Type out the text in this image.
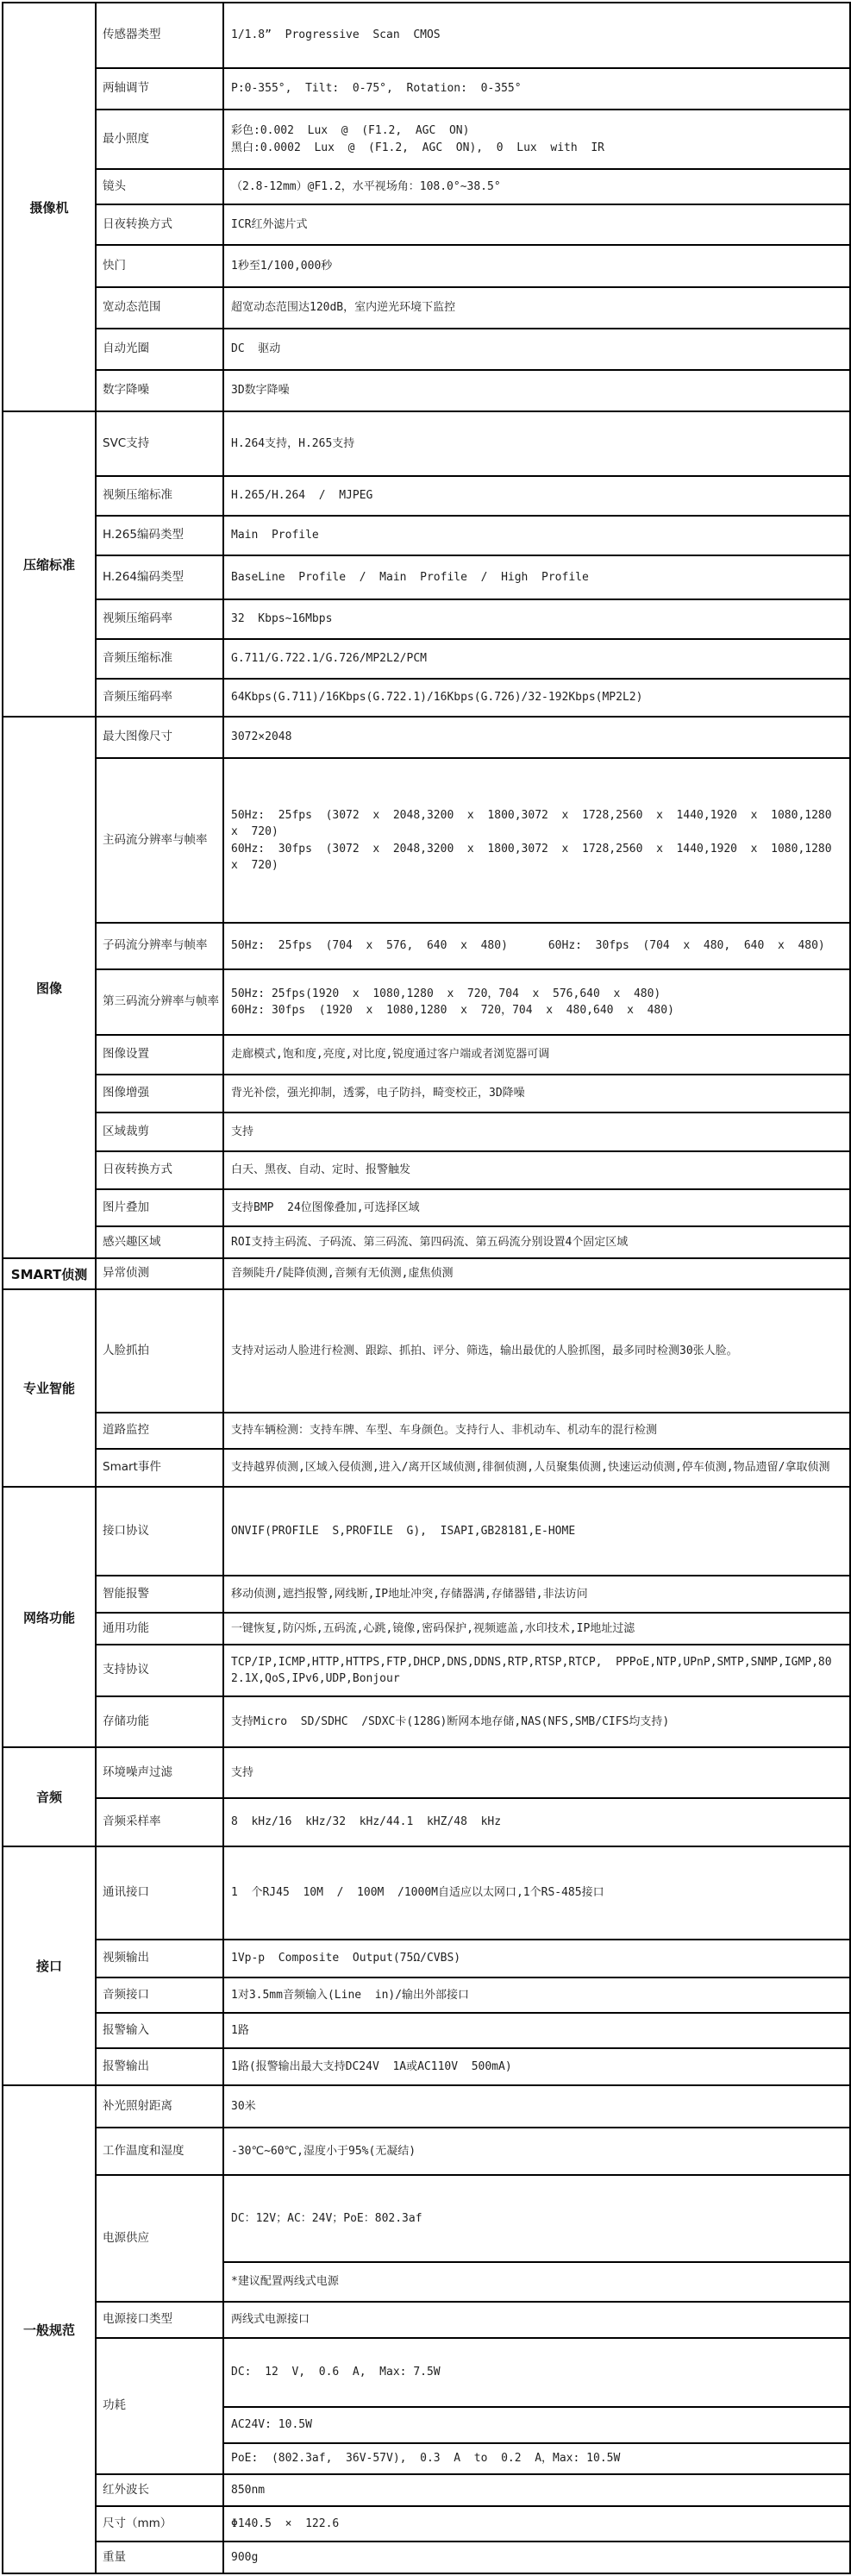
摄像机	传感器类型	1/1.8”  Progressive  Scan  CMOS
	两轴调节	P:0-355°,  Tilt:  0-75°,  Rotation:  0-355°
	最小照度	彩色:0.002  Lux  @  (F1.2,  AGC  ON)
黑白:0.0002  Lux  @  (F1.2,  AGC  ON),  0  Lux  with  IR

	镜头	（2.8-12mm）@F1.2，水平视场角：108.0°~38.5°
	日夜转换方式	ICR红外滤片式
	快门	1秒至1/100,000秒
	宽动态范围	超宽动态范围达120dB，室内逆光环境下监控
	自动光圈	DC  驱动
	数字降噪	3D数字降噪
压缩标准	SVC支持	H.264支持，H.265支持
	视频压缩标准	H.265/H.264  /  MJPEG
	H.265编码类型	Main  Profile
	H.264编码类型	BaseLine  Profile  /  Main  Profile  /  High  Profile
	视频压缩码率	32  Kbps~16Mbps
	音频压缩标准	G.711/G.722.1/G.726/MP2L2/PCM
	音频压缩码率	64Kbps(G.711)/16Kbps(G.722.1)/16Kbps(G.726)/32-192Kbps(MP2L2)
图像	最大图像尺寸	3072×2048
	主码流分辨率与帧率	50Hz:  25fps  (3072  x  2048,3200  x  1800,3072  x  1728,2560  x  1440,1920  x  1080,1280  x  720)
60Hz:  30fps  (3072  x  2048,3200  x  1800,3072  x  1728,2560  x  1440,1920  x  1080,1280  x  720)

	子码流分辨率与帧率	50Hz:  25fps  (704  x  576,  640  x  480)      60Hz:  30fps  (704  x  480,  640  x  480)
	第三码流分辨率与帧率	50Hz: 25fps(1920  x  1080,1280  x  720，704  x  576,640  x  480)
60Hz: 30fps  (1920  x  1080,1280  x  720，704  x  480,640  x  480)

	图像设置	走廊模式,饱和度,亮度,对比度,锐度通过客户端或者浏览器可调
	图像增强	背光补偿，强光抑制，透雾，电子防抖，畸变校正，3D降噪
	区域裁剪	支持
	日夜转换方式	白天、黑夜、自动、定时、报警触发
	图片叠加	支持BMP  24位图像叠加,可选择区域
	感兴趣区域	ROI支持主码流、子码流、第三码流、第四码流、第五码流分别设置4个固定区域
SMART侦测	异常侦测	音频陡升/陡降侦测,音频有无侦测,虚焦侦测
专业智能	人脸抓拍	支持对运动人脸进行检测、跟踪、抓拍、评分、筛选，输出最优的人脸抓图，最多同时检测30张人脸。
	道路监控	支持车辆检测：支持车牌、车型、车身颜色。支持行人、非机动车、机动车的混行检测
	Smart事件	支持越界侦测,区域入侵侦测,进入/离开区域侦测,徘徊侦测,人员聚集侦测,快速运动侦测,停车侦测,物品遗留/拿取侦测
网络功能	接口协议	ONVIF(PROFILE  S,PROFILE  G),  ISAPI,GB28181,E-HOME
	智能报警	移动侦测,遮挡报警,网线断,IP地址冲突,存储器满,存储器错,非法访问
	通用功能	一键恢复,防闪烁,五码流,心跳,镜像,密码保护,视频遮盖,水印技术,IP地址过滤
	支持协议	TCP/IP,ICMP,HTTP,HTTPS,FTP,DHCP,DNS,DDNS,RTP,RTSP,RTCP,  PPPoE,NTP,UPnP,SMTP,SNMP,IGMP,802.1X,QoS,IPv6,UDP,Bonjour
	存储功能	支持Micro  SD/SDHC  /SDXC卡(128G)断网本地存储,NAS(NFS,SMB/CIFS均支持)
音频	环境噪声过滤	支持
	音频采样率	8  kHz/16  kHz/32  kHz/44.1  kHZ/48  kHz
接口	通讯接口	1  个RJ45  10M  /  100M  /1000M自适应以太网口,1个RS-485接口
	视频输出	1Vp-p  Composite  Output(75Ω/CVBS)
	音频接口	1对3.5mm音频输入(Line  in)/输出外部接口
	报警输入	1路
	报警输出	1路(报警输出最大支持DC24V  1A或AC110V  500mA)
一般规范	补光照射距离	30米
	工作温度和湿度	-30℃~60℃,湿度小于95%(无凝结)
	电源供应	DC：12V；AC：24V；PoE：802.3af
		*建议配置两线式电源
	电源接口类型	两线式电源接口
	功耗	DC:  12  V,  0.6  A,  Max: 7.5W
		AC24V: 10.5W
		PoE:  (802.3af,  36V-57V),  0.3  A  to  0.2  A，Max: 10.5W
	红外波长	850nm
	尺寸（mm）	Φ140.5  ×  122.6
	重量	900g
